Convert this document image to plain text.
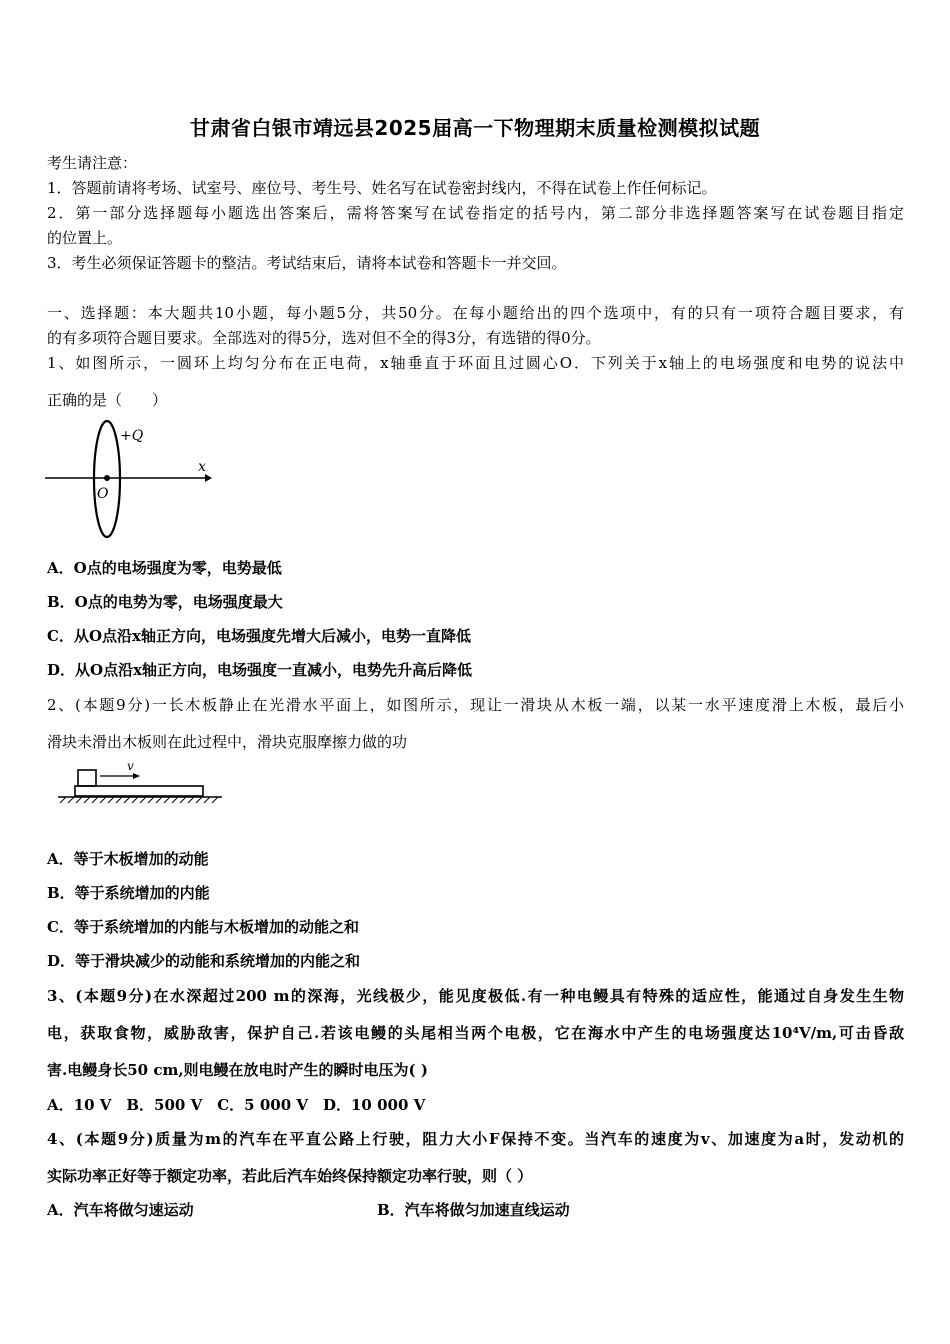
甘肃省白银市靖远县2025届高一下物理期末质量检测模拟试题
考生请注意：
1．答题前请将考场、试室号、座位号、考生号、姓名写在试卷密封线内，不得在试卷上作任何标记。
2．第一部分选择题每小题选出答案后，需将答案写在试卷指定的括号内，第二部分非选择题答案写在试卷题目指定
的位置上。
3．考生必须保证答题卡的整洁。考试结束后，请将本试卷和答题卡一并交回。
一、选择题：本大题共10小题，每小题5分，共50分。在每小题给出的四个选项中，有的只有一项符合题目要求，有
的有多项符合题目要求。全部选对的得5分，选对但不全的得3分，有选错的得0分。
1、如图所示，一圆环上均匀分布在正电荷，x轴垂直于环面且过圆心O．下列关于x轴上的电场强度和电势的说法中
正确的是（　　）
+Q
x
O
A．O点的电场强度为零，电势最低
B．O点的电势为零，电场强度最大
C．从O点沿x轴正方向，电场强度先增大后减小，电势一直降低
D．从O点沿x轴正方向，电场强度一直减小，电势先升高后降低
2、(本题9分)一长木板静止在光滑水平面上，如图所示，现让一滑块从木板一端，以某一水平速度滑上木板，最后小
滑块未滑出木板则在此过程中，滑块克服摩擦力做的功
v
A．等于木板增加的动能
B．等于系统增加的内能
C．等于系统增加的内能与木板增加的动能之和
D．等于滑块减少的动能和系统增加的内能之和
3、(本题9分)在水深超过200 m的深海，光线极少，能见度极低.有一种电鳗具有特殊的适应性，能通过自身发生生物
电，获取食物，威胁敌害，保护自己.若该电鳗的头尾相当两个电极，它在海水中产生的电场强度达10⁴V/m,可击昏敌
害.电鳗身长50 cm,则电鳗在放电时产生的瞬时电压为( )
A．10 V　B．500 V　C．5 000 V　D．10 000 V
4、(本题9分)质量为m的汽车在平直公路上行驶，阻力大小F保持不变。当汽车的速度为v、加速度为a时，发动机的
实际功率正好等于额定功率，若此后汽车始终保持额定功率行驶，则（ ）
A．汽车将做匀速运动	B．汽车将做匀加速直线运动
